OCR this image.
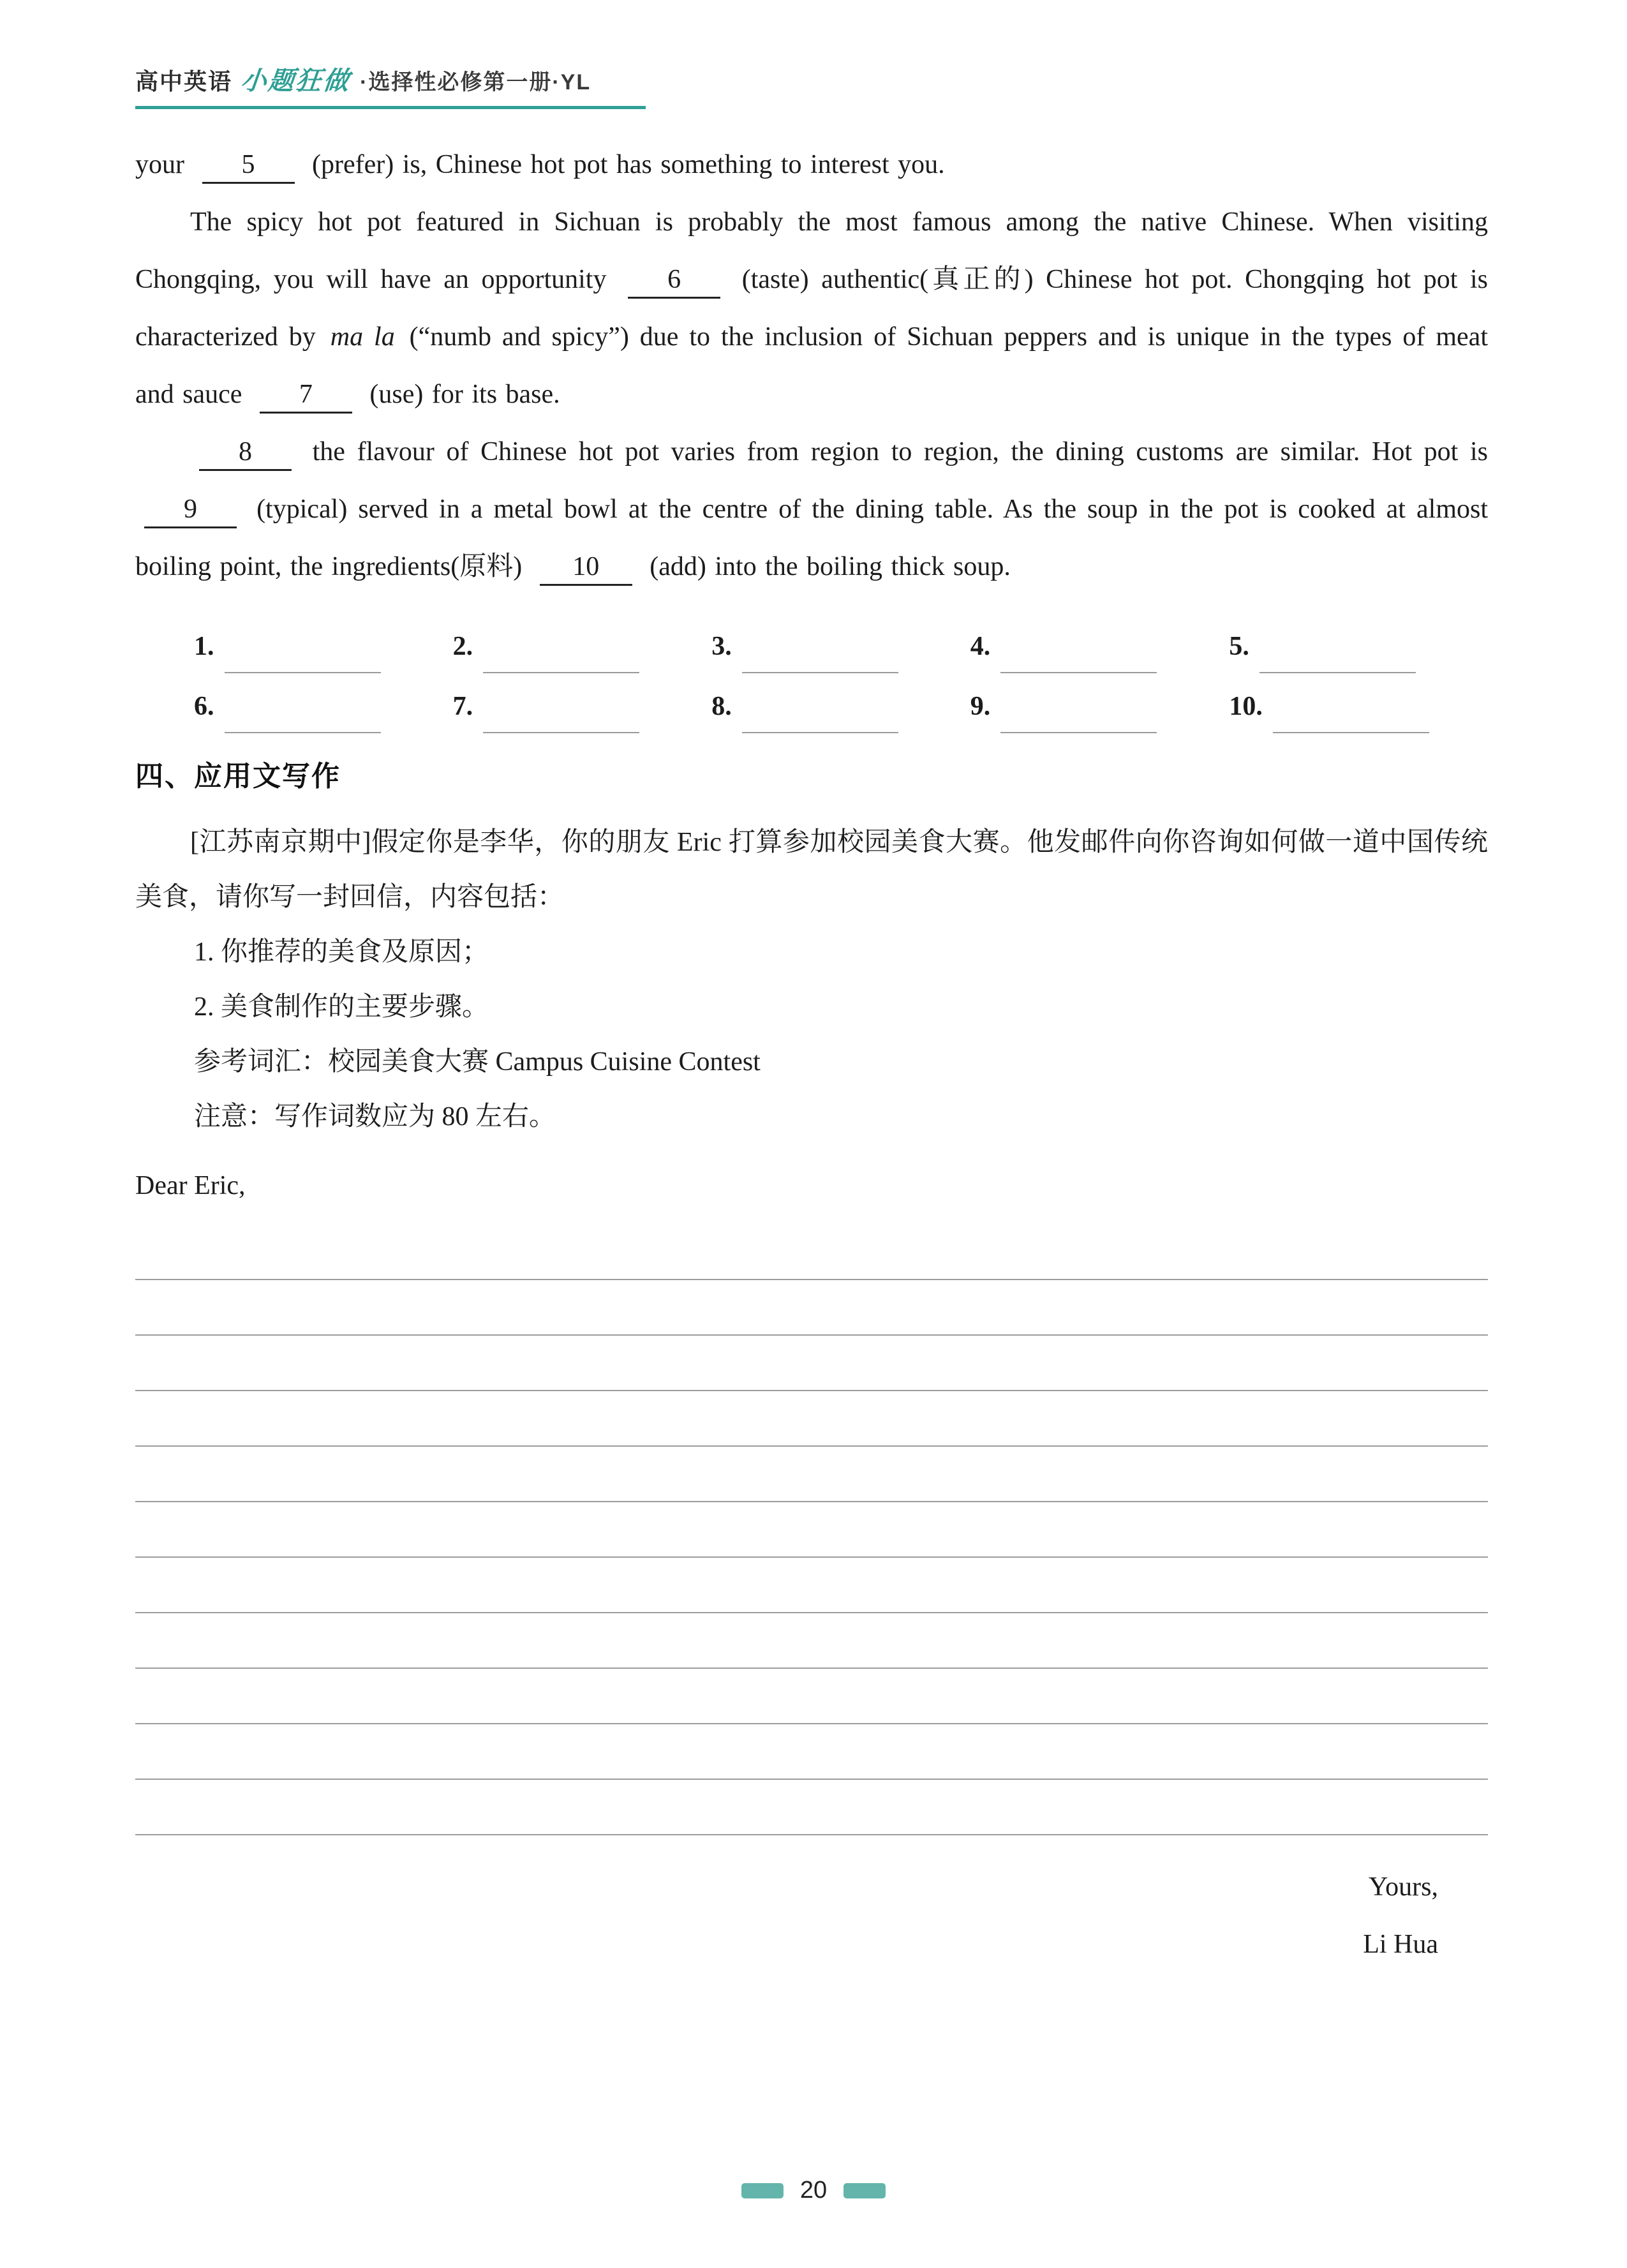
高中英语 小题狂做 ·选择性必修第一册·YL

your 5 (prefer) is, Chinese hot pot has something to interest you.

The spicy hot pot featured in Sichuan is probably the most famous among the native Chinese. When visiting Chongqing, you will have an opportunity 6 (taste) authentic(真正的) Chinese hot pot. Chongqing hot pot is characterized by ma la (“numb and spicy”) due to the inclusion of Sichuan peppers and is unique in the types of meat and sauce 7 (use) for its base.

8 the flavour of Chinese hot pot varies from region to region, the dining customs are similar. Hot pot is 9 (typical) served in a metal bowl at the centre of the dining table. As the soup in the pot is cooked at almost boiling point, the ingredients(原料) 10 (add) into the boiling thick soup.

1.	2.	3.	4.	5.
6.	7.	8.	9.	10.
四、应用文写作

[江苏南京期中]假定你是李华，你的朋友 Eric 打算参加校园美食大赛。他发邮件向你咨询如何做一道中国传统美食，请你写一封回信，内容包括：

1. 你推荐的美食及原因；

2. 美食制作的主要步骤。

参考词汇：校园美食大赛 Campus Cuisine Contest

注意：写作词数应为 80 左右。

Dear Eric,

Yours,

Li Hua

20
